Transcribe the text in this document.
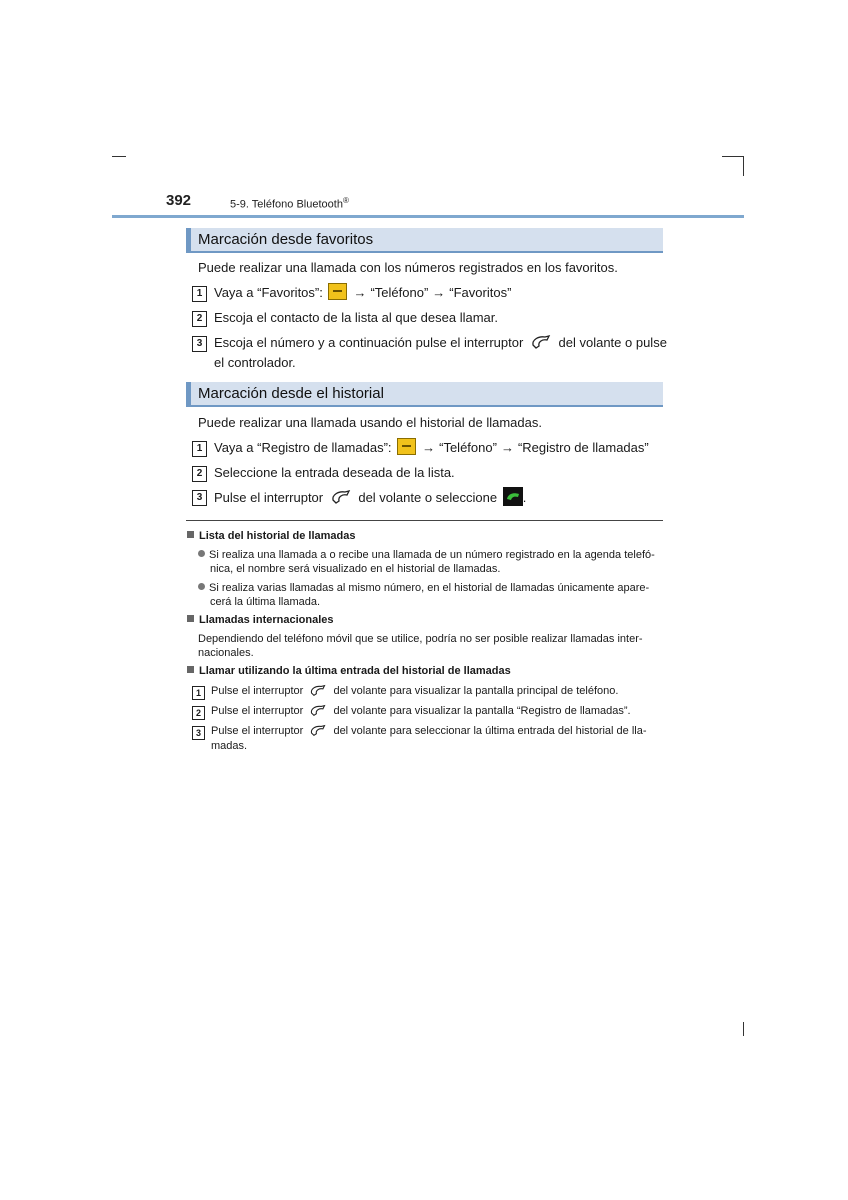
392	5-9. Teléfono Bluetooth®
Marcación desde favoritos
Puede realizar una llamada con los números registrados en los favoritos.
1 Vaya a “Favoritos”: → “Teléfono” → “Favoritos”
2 Escoja el contacto de la lista al que desea llamar.
3 Escoja el número y a continuación pulse el interruptor  del volante o pulse
el controlador.
Marcación desde el historial
Puede realizar una llamada usando el historial de llamadas.
1 Vaya a “Registro de llamadas”: → “Teléfono” → “Registro de llamadas”
2 Seleccione la entrada deseada de la lista.
3 Pulse el interruptor  del volante o seleccione .
Lista del historial de llamadas
Si realiza una llamada a o recibe una llamada de un número registrado en la agenda telefó-
nica, el nombre será visualizado en el historial de llamadas.
Si realiza varias llamadas al mismo número, en el historial de llamadas únicamente apare-
cerá la última llamada.
Llamadas internacionales
Dependiendo del teléfono móvil que se utilice, podría no ser posible realizar llamadas inter-
nacionales.
Llamar utilizando la última entrada del historial de llamadas
1 Pulse el interruptor  del volante para visualizar la pantalla principal de teléfono.
2 Pulse el interruptor  del volante para visualizar la pantalla “Registro de llamadas”.
3 Pulse el interruptor  del volante para seleccionar la última entrada del historial de lla-
madas.
